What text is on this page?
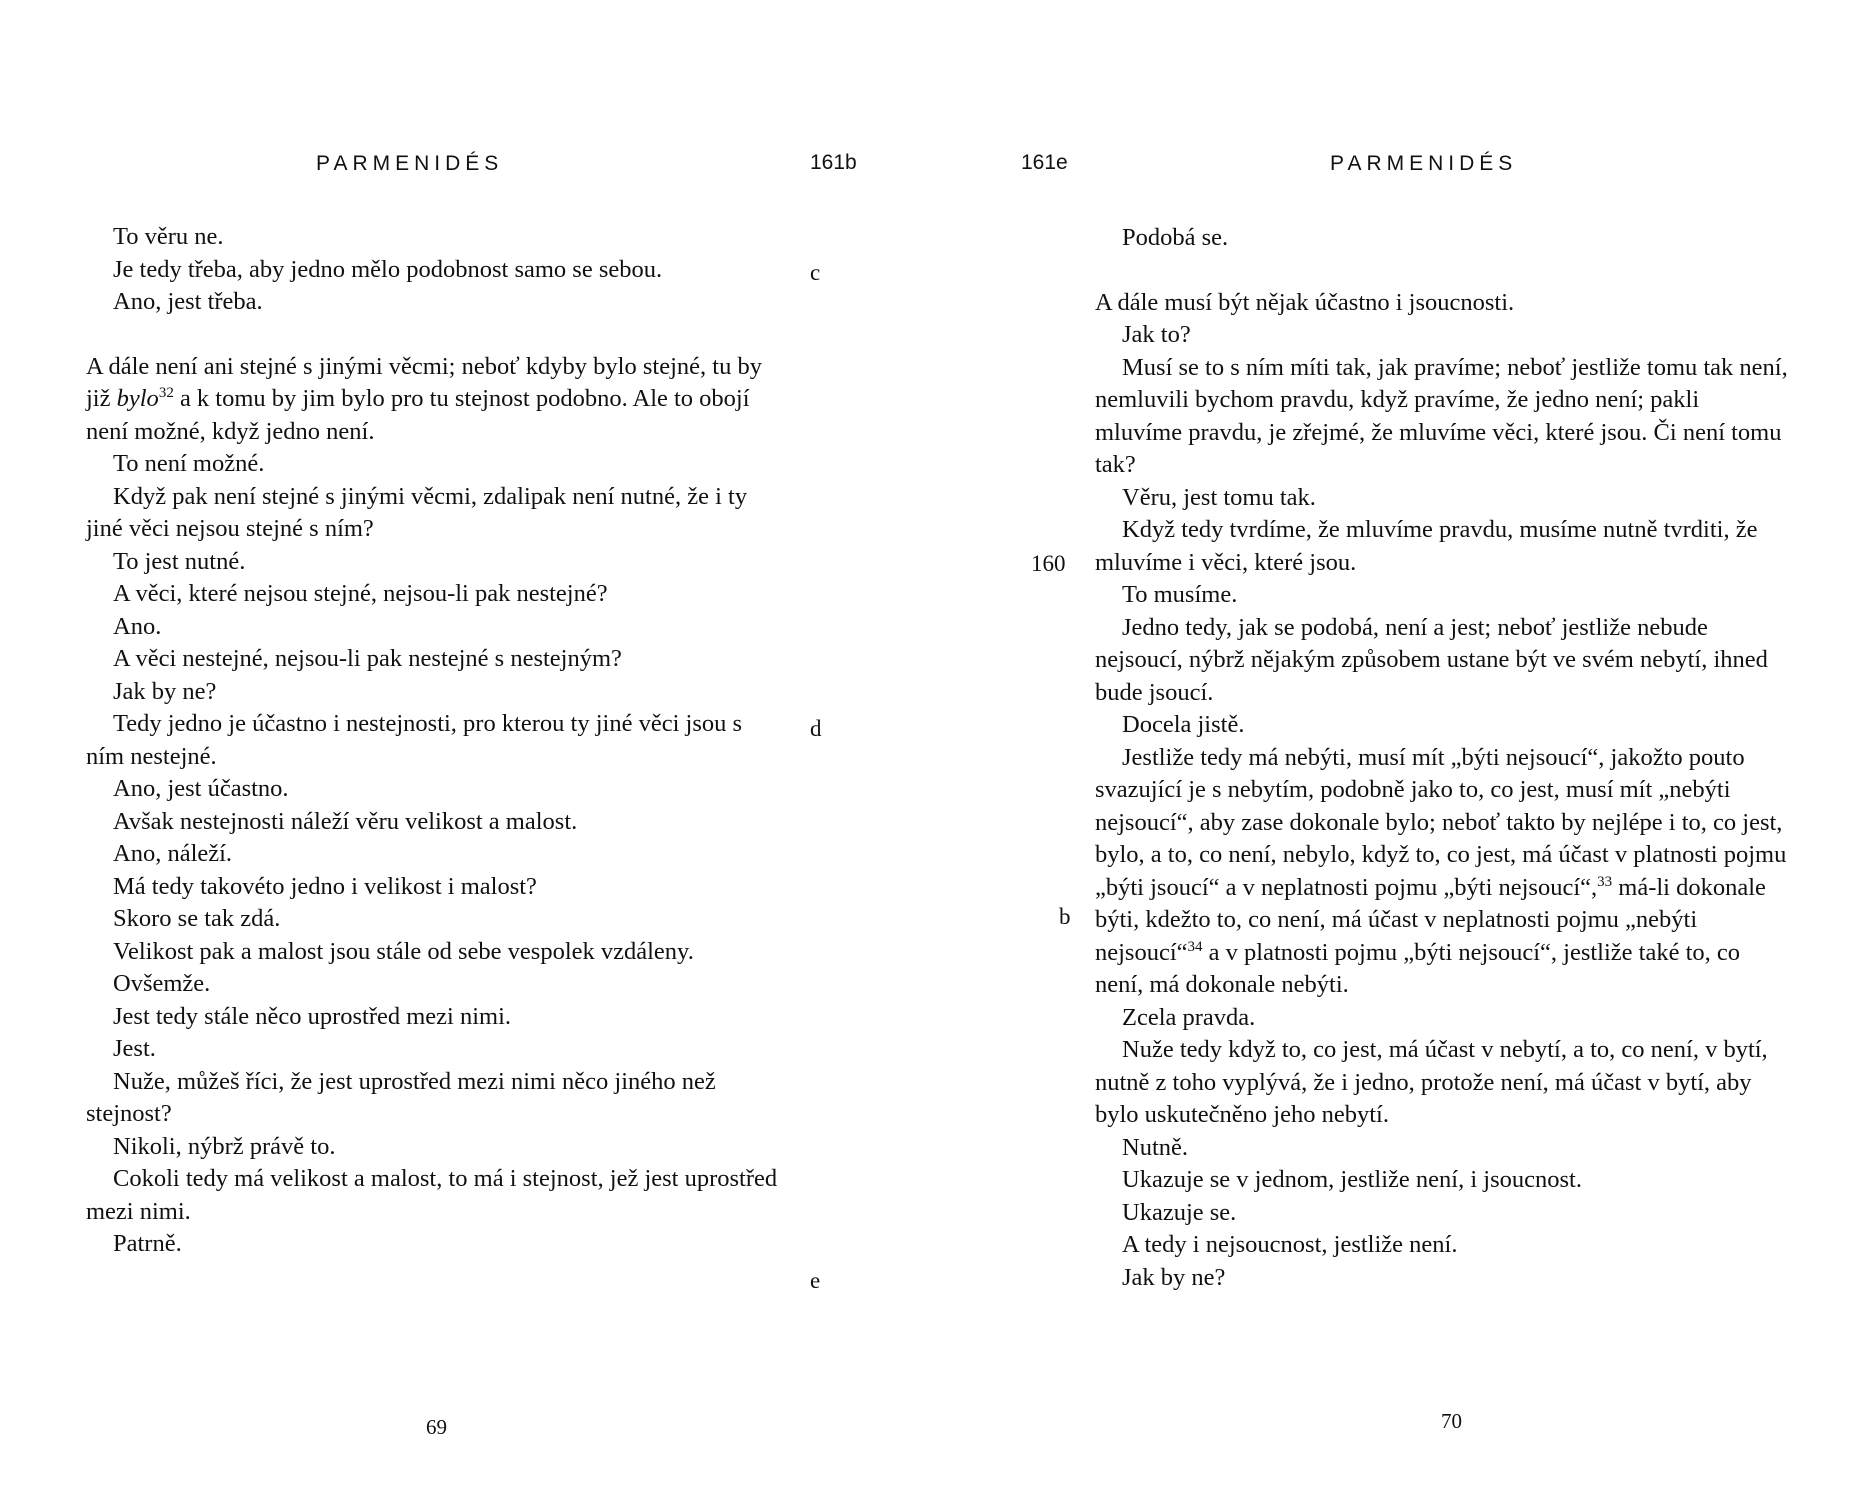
PARMENIDÉS	161b

To věru ne.

Je tedy třeba, aby jedno mělo podobnost samo se sebou.

Ano, jest třeba.

A dále není ani stejné s jinými věcmi; neboť kdyby bylo stejné, tu by již bylo$^{32}$ a k tomu by jim bylo pro tu stejnost podobno. Ale to obojí není možné, když jedno není.

To není možné.

Když pak není stejné s jinými věcmi, zdalipak není nutné, že i ty jiné věci nejsou stejné s ním?

To jest nutné.

A věci, které nejsou stejné, nejsou-li pak nestejné?

Ano.

A věci nestejné, nejsou-li pak nestejné s nestejným?

Jak by ne?

Tedy jedno je účastno i nestejnosti, pro kterou ty jiné věci jsou s ním nestejné.

Ano, jest účastno.

Avšak nestejnosti náleží věru velikost a malost.

Ano, náleží.

Má tedy takovéto jedno i velikost i malost?

Skoro se tak zdá.

Velikost pak a malost jsou stále od sebe vespolek vzdáleny.

Ovšemže.

Jest tedy stále něco uprostřed mezi nimi.

Jest.

Nuže, můžeš říci, že jest uprostřed mezi nimi něco jiného než stejnost?

Nikoli, nýbrž právě to.

Cokoli tedy má velikost a malost, to má i stejnost, jež jest uprostřed mezi nimi.

Patrně.

c
d
e
69
161e	PARMENIDÉS

Podobá se.

A dále musí být nějak účastno i jsoucnosti.

Jak to?

Musí se to s ním míti tak, jak pravíme; neboť jestliže tomu tak není, nemluvili bychom pravdu, když pravíme, že jedno není; pakli mluvíme pravdu, je zřejmé, že mluvíme věci, které jsou. Či není tomu tak?

Věru, jest tomu tak.

Když tedy tvrdíme, že mluvíme pravdu, musíme nutně tvrditi, že mluvíme i věci, které jsou.

To musíme.

Jedno tedy, jak se podobá, není a jest; neboť jestliže nebude nejsoucí, nýbrž nějakým způsobem ustane být ve svém nebytí, ihned bude jsoucí.

Docela jistě.

Jestliže tedy má nebýti, musí mít „býti nejsoucí“, jakožto pouto svazující je s nebytím, podobně jako to, co jest, musí mít „nebýti nejsoucí“, aby zase dokonale bylo; neboť takto by nejlépe i to, co jest, bylo, a to, co není, nebylo, když to, co jest, má účast v platnosti pojmu „býti jsoucí“ a v neplatnosti pojmu „býti nejsoucí“,$^{33}$ má-li dokonale býti, kdežto to, co není, má účast v neplatnosti pojmu „nebýti nejsoucí“$^{34}$ a v platnosti pojmu „býti nejsoucí“, jestliže také to, co není, má dokonale nebýti.

Zcela pravda.

Nuže tedy když to, co jest, má účast v nebytí, a to, co není, v bytí, nutně z toho vyplývá, že i jedno, protože není, má účast v bytí, aby bylo uskutečněno jeho nebytí.

Nutně.

Ukazuje se v jednom, jestliže není, i jsoucnost.

Ukazuje se.

A tedy i nejsoucnost, jestliže není.

Jak by ne?

160
b
70
